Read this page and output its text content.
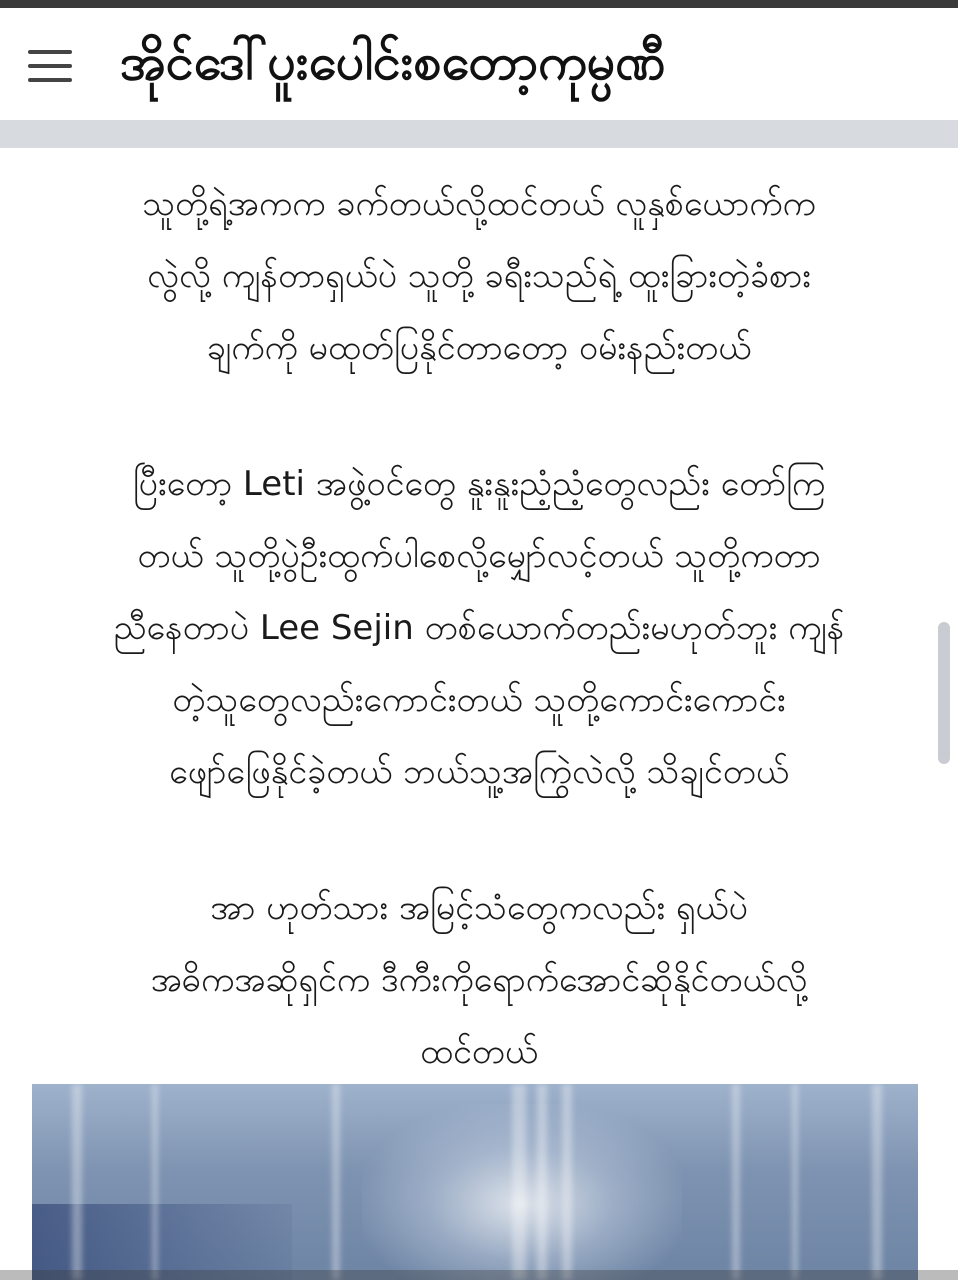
အိုင်ဒေါ်ပူးပေါင်းစတော့ကုမ္ပဏီ

သူတို့ရဲ့အကက ခက်တယ်လို့ထင်တယ် လူနှစ်ယောက်က
လွဲလို့ ကျန်တာရှယ်ပဲ သူတို့ ခရီးသည်ရဲ့ ထူးခြားတဲ့ခံစား
ချက်ကို မထုတ်ပြနိုင်တာတော့ ဝမ်းနည်းတယ်

ပြီးတော့ Leti အဖွဲ့ဝင်တွေ နူးနူးညံ့ညံ့တွေလည်း တော်ကြ
တယ် သူတို့ပွဲဦးထွက်ပါစေလို့မျှော်လင့်တယ် သူတို့ကတာ
ညီနေတာပဲ Lee Sejin တစ်ယောက်တည်းမဟုတ်ဘူး ကျန်
တဲ့သူတွေလည်းကောင်းတယ် သူတို့ကောင်းကောင်း
ဖျော်ဖြေနိုင်ခဲ့တယ် ဘယ်သူ့အကြွဲလဲလို့ သိချင်တယ်

အာ ဟုတ်သား အမြင့်သံတွေကလည်း ရှယ်ပဲ
အဓိကအဆိုရှင်က ဒီကီးကိုရောက်အောင်ဆိုနိုင်တယ်လို့
ထင်တယ်
